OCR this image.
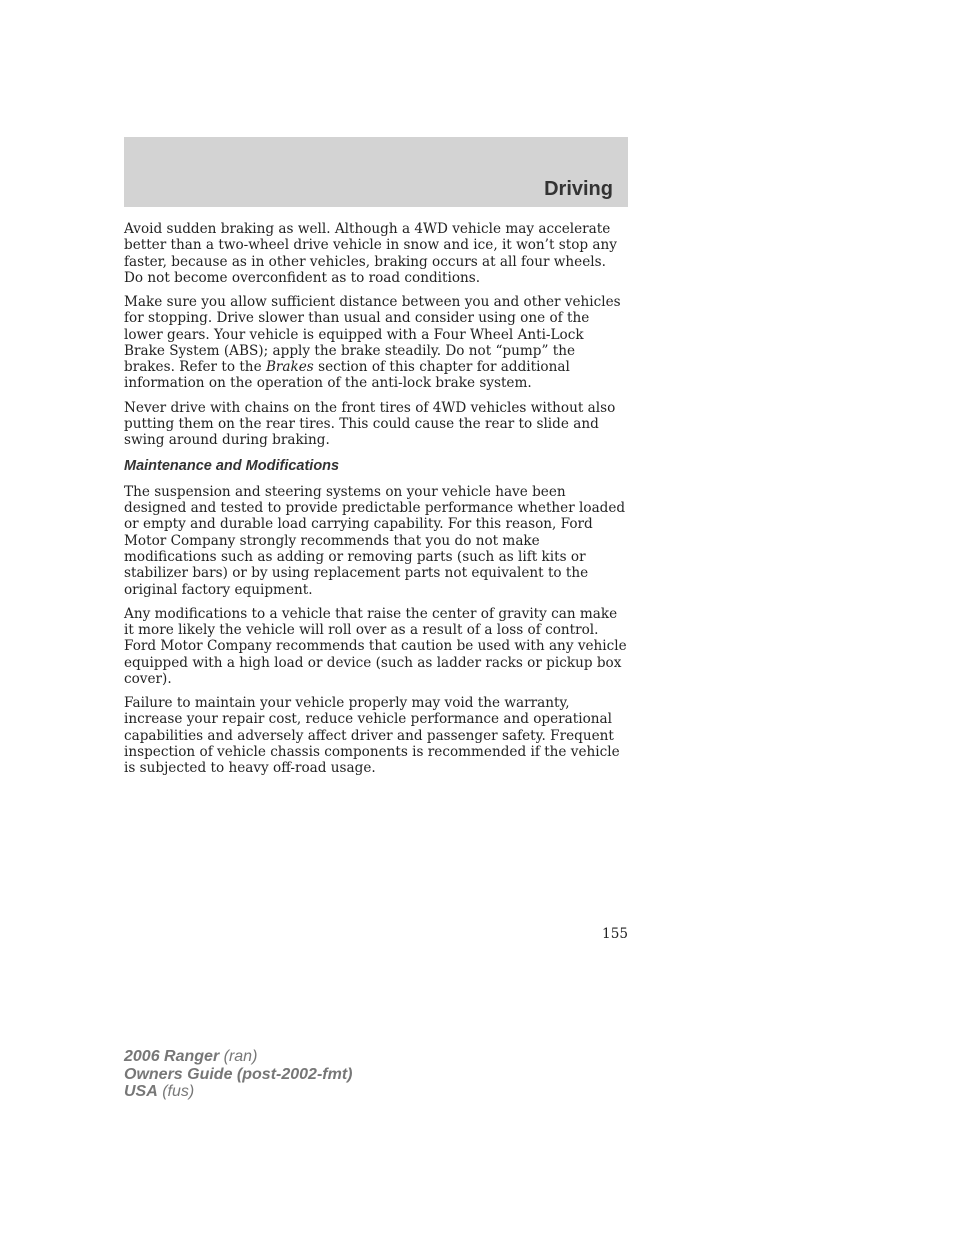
Driving

Avoid sudden braking as well. Although a 4WD vehicle may accelerate better than a two-wheel drive vehicle in snow and ice, it won’t stop any faster, because as in other vehicles, braking occurs at all four wheels. Do not become overconfident as to road conditions.

Make sure you allow sufficient distance between you and other vehicles for stopping. Drive slower than usual and consider using one of the lower gears. Your vehicle is equipped with a Four Wheel Anti-Lock Brake System (ABS); apply the brake steadily. Do not “pump” the brakes. Refer to the Brakes section of this chapter for additional information on the operation of the anti-lock brake system.

Never drive with chains on the front tires of 4WD vehicles without also putting them on the rear tires. This could cause the rear to slide and swing around during braking.

Maintenance and Modifications

The suspension and steering systems on your vehicle have been designed and tested to provide predictable performance whether loaded or empty and durable load carrying capability. For this reason, Ford Motor Company strongly recommends that you do not make modifications such as adding or removing parts (such as lift kits or stabilizer bars) or by using replacement parts not equivalent to the original factory equipment.

Any modifications to a vehicle that raise the center of gravity can make it more likely the vehicle will roll over as a result of a loss of control. Ford Motor Company recommends that caution be used with any vehicle equipped with a high load or device (such as ladder racks or pickup box cover).

Failure to maintain your vehicle properly may void the warranty, increase your repair cost, reduce vehicle performance and operational capabilities and adversely affect driver and passenger safety. Frequent inspection of vehicle chassis components is recommended if the vehicle is subjected to heavy off-road usage.

155
2006 Ranger (ran)
Owners Guide (post-2002-fmt)
USA (fus)
